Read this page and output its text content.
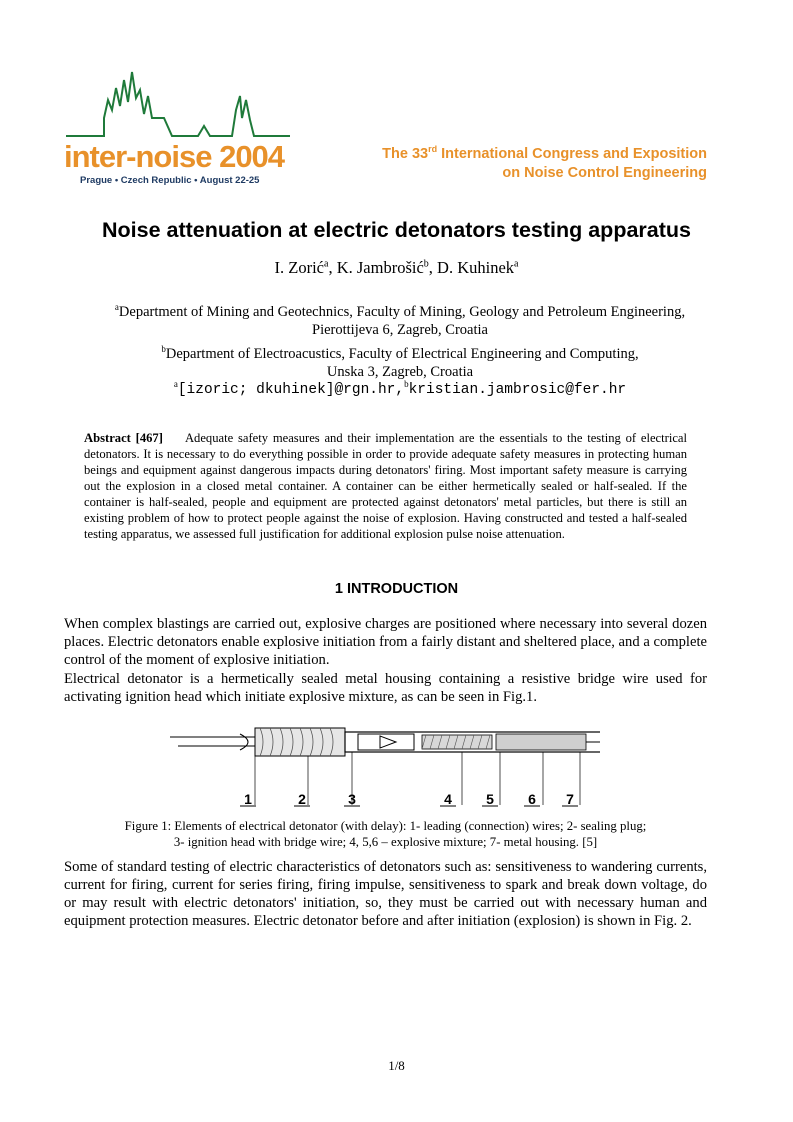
inter-noise 2004
Prague • Czech Republic • August 22-25
The 33rd International Congress and Exposition
on Noise Control Engineering
Noise attenuation at electric detonators testing apparatus
I. Zorić$^a$, K. Jambrošić$^b$, D. Kuhinek$^a$
$^a$Department of Mining and Geotechnics, Faculty of Mining, Geology and Petroleum Engineering,
Pierottijeva 6, Zagreb, Croatia
$^b$Department of Electroacustics, Faculty of Electrical Engineering and Computing,
Unska 3, Zagreb, Croatia
$^a$[izoric; dkuhinek]@rgn.hr,$^b$kristian.jambrosic@fer.hr
Abstract [467] Adequate safety measures and their implementation are the essentials to the testing of electrical detonators. It is necessary to do everything possible in order to provide adequate safety measures in protecting human beings and equipment against dangerous impacts during detonators' firing. Most important safety measure is carrying out the explosion in a closed metal container. A container can be either hermetically sealed or half-sealed. If the container is half-sealed, people and equipment are protected against detonators' metal particles, but there is still an existing problem of how to protect people against the noise of explosion. Having constructed and tested a half-sealed testing apparatus, we assessed full justification for additional explosion pulse noise attenuation.
1 INTRODUCTION
When complex blastings are carried out, explosive charges are positioned where necessary into several dozen places. Electric detonators enable explosive initiation from a fairly distant and sheltered place, and a complete control of the moment of explosive initiation.
Electrical detonator is a hermetically sealed metal housing containing a resistive bridge wire used for activating ignition head which initiate explosive mixture, as can be seen in Fig.1.
1	2	3	4 5 6 7
Figure 1: Elements of electrical detonator (with delay): 1- leading (connection) wires; 2- sealing plug;
3- ignition head with bridge wire; 4, 5,6 – explosive mixture; 7- metal housing. [5]
Some of standard testing of electric characteristics of detonators such as: sensitiveness to wandering currents, current for firing, current for series firing, firing impulse, sensitiveness to spark and break down voltage, do or may result with electric detonators' initiation, so, they must be carried out with necessary human and equipment protection measures. Electric detonator before and after initiation (explosion) is shown in Fig. 2.
1/8
